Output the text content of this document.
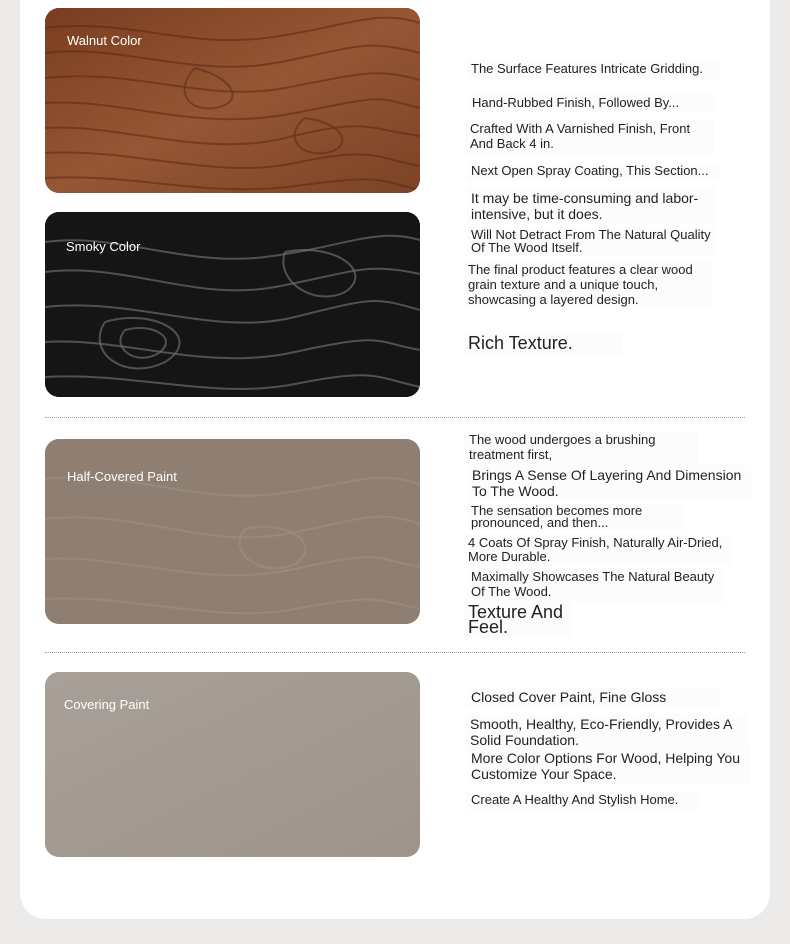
Walnut Color
Smoky Color
The Surface Features Intricate Gridding.
Hand-Rubbed Finish, Followed By...
Crafted With A Varnished Finish, Front And Back 4 in.
Next Open Spray Coating, This Section...
It may be time-consuming and labor-intensive, but it does.
Will Not Detract From The Natural Quality Of The Wood Itself.
The final product features a clear wood grain texture and a unique touch, showcasing a layered design.
Rich Texture.
Half-Covered Paint
The wood undergoes a brushing treatment first,
Brings A Sense Of Layering And Dimension To The Wood.
The sensation becomes more pronounced, and then...
4 Coats Of Spray Finish, Naturally Air-Dried, More Durable.
Maximally Showcases The Natural Beauty Of The Wood.
Texture And Feel.
Covering Paint	Closed Cover Paint, Fine Gloss
Smooth, Healthy, Eco-Friendly, Provides A Solid Foundation.
More Color Options For Wood, Helping You Customize Your Space.
Create A Healthy And Stylish Home.
